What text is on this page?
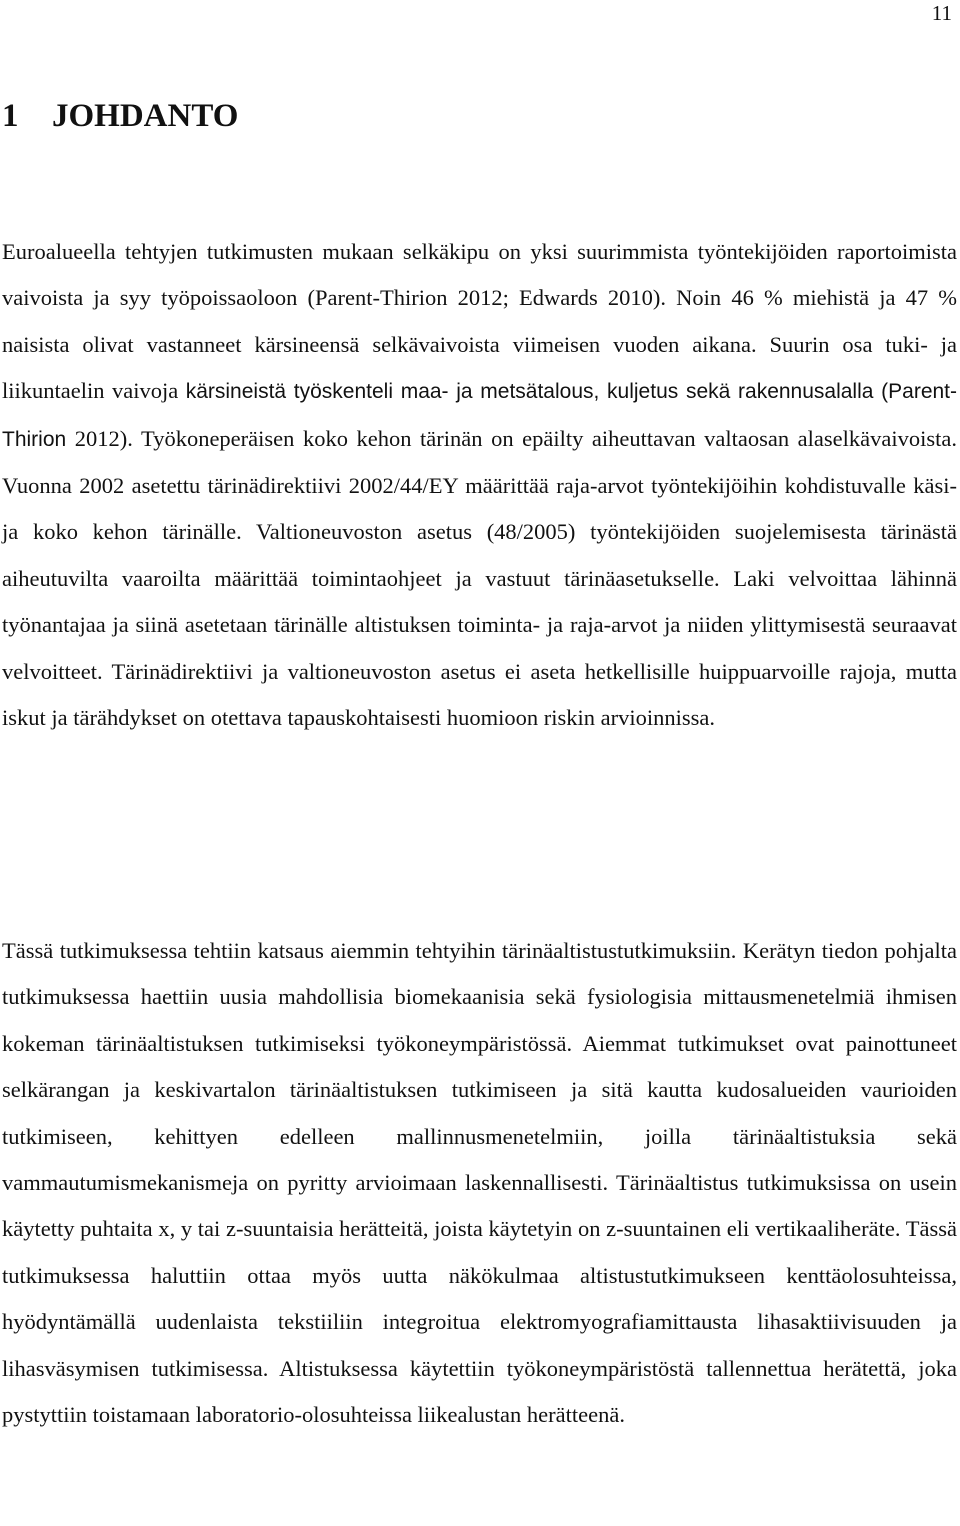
11
1 JOHDANTO

Euroalueella tehtyjen tutkimusten mukaan selkäkipu on yksi suurimmista työntekijöiden raportoimista vaivoista ja syy työpoissaoloon (Parent-Thirion 2012; Edwards 2010). Noin 46 % miehistä ja 47 % naisista olivat vastanneet kärsineensä selkävaivoista viimeisen vuoden aikana. Suurin osa tuki- ja liikuntaelin vaivoja kärsineistä työskenteli maa- ja metsätalous, kuljetus sekä rakennusalalla (Parent-Thirion 2012). Työkoneperäisen koko kehon tärinän on epäilty aiheuttavan valtaosan alaselkävaivoista. Vuonna 2002 asetettu tärinädirektiivi 2002/44/EY määrittää raja-arvot työntekijöihin kohdistuvalle käsi- ja koko kehon tärinälle. Valtioneuvoston asetus (48/2005) työntekijöiden suojelemisesta tärinästä aiheutuvilta vaaroilta määrittää toimintaohjeet ja vastuut tärinäasetukselle. Laki velvoittaa lähinnä työnantajaa ja siinä asetetaan tärinälle altistuksen toiminta- ja raja-arvot ja niiden ylittymisestä seuraavat velvoitteet. Tärinädirektiivi ja valtioneuvoston asetus ei aseta hetkellisille huippuarvoille rajoja, mutta iskut ja tärähdykset on otettava tapauskohtaisesti huomioon riskin arvioinnissa.

Tässä tutkimuksessa tehtiin katsaus aiemmin tehtyihin tärinäaltistustutkimuksiin. Kerätyn tiedon pohjalta tutkimuksessa haettiin uusia mahdollisia biomekaanisia sekä fysiologisia mittausmenetelmiä ihmisen kokeman tärinäaltistuksen tutkimiseksi työkoneympäristössä. Aiemmat tutkimukset ovat painottuneet selkärangan ja keskivartalon tärinäaltistuksen tutkimiseen ja sitä kautta kudosalueiden vaurioiden tutkimiseen, kehittyen edelleen mallinnusmenetelmiin, joilla tärinäaltistuksia sekä vammautumismekanismeja on pyritty arvioimaan laskennallisesti. Tärinäaltistus tutkimuksissa on usein käytetty puhtaita x, y tai z-suuntaisia herätteitä, joista käytetyin on z-suuntainen eli vertikaaliheräte. Tässä tutkimuksessa haluttiin ottaa myös uutta näkökulmaa altistustutkimukseen kenttäolosuhteissa, hyödyntämällä uudenlaista tekstiiliin integroitua elektromyografiamittausta lihasaktiivisuuden ja lihasväsymisen tutkimisessa. Altistuksessa käytettiin työkoneympäristöstä tallennettua herätettä, joka pystyttiin toistamaan laboratorio-olosuhteissa liikealustan herätteenä.
